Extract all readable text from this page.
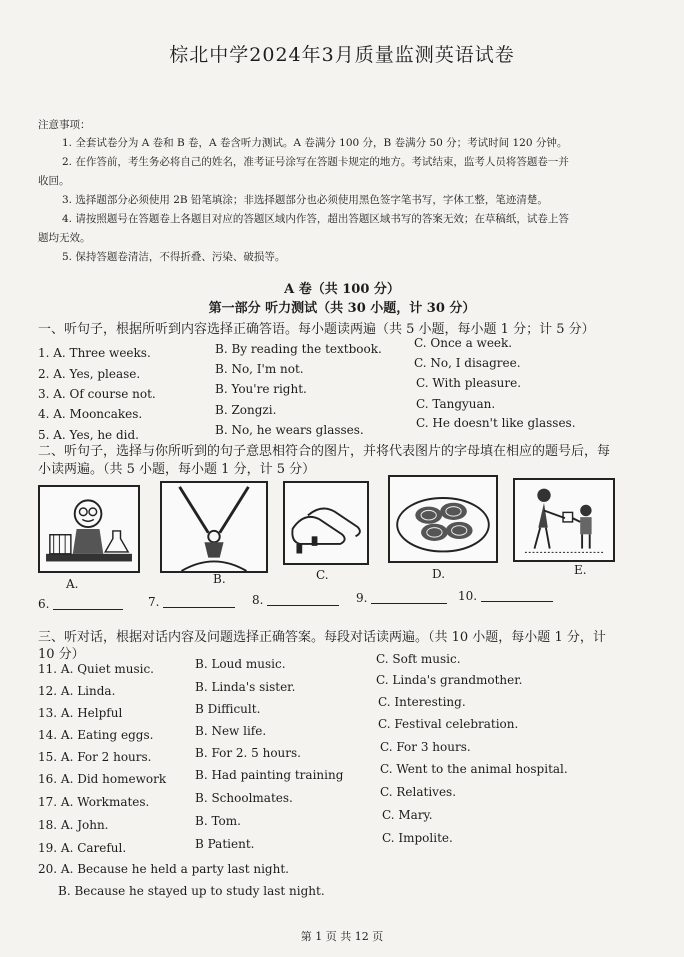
棕北中学2024年3月质量监测英语试卷
注意事项：
1. 全套试卷分为 A 卷和 B 卷，A 卷含听力测试。A 卷满分 100 分，B 卷满分 50 分；考试时间 120 分钟。
2. 在作答前，考生务必将自己的姓名，准考证号涂写在答题卡规定的地方。考试结束，监考人员将答题卷一并
收回。
3. 选择题部分必须使用 2B 铅笔填涂；非选择题部分也必须使用黑色签字笔书写，字体工整，笔迹清楚。
4. 请按照题号在答题卷上各题目对应的答题区域内作答，超出答题区域书写的答案无效；在草稿纸，试卷上答
题均无效。
5. 保持答题卷清洁，不得折叠、污染、破损等。
A 卷（共 100 分）
第一部分 听力测试（共 30 小题，计 30 分）
一、听句子，根据所听到内容选择正确答语。每小题读两遍（共 5 小题，每小题 1 分；计 5 分）
1. A. Three weeks.	B. By reading the textbook.	C. Once a week.
2. A. Yes, please.	B. No, I'm not.	C. No, I disagree.
3. A. Of course not.	B. You're right.	C. With pleasure.
4. A. Mooncakes.	B. Zongzi.	C. Tangyuan.
5. A. Yes, he did.	B. No, he wears glasses.	C. He doesn't like glasses.
二、听句子，选择与你所听到的句子意思相符合的图片，并将代表图片的字母填在相应的题号后，每
小读两遍。（共 5 小题，每小题 1 分，计 5 分）
A.	B.	C.	D.	E.
6.	7.	8.	9.	10.
三、听对话，根据对话内容及问题选择正确答案。每段对话读两遍。（共 10 小题，每小题 1 分，计
10 分）
11. A. Quiet music.	B. Loud music.	C. Soft music.
12. A. Linda.	B. Linda's sister.	C. Linda's grandmother.
13. A. Helpful	B Difficult.	C. Interesting.
14. A. Eating eggs.	B. New life.	C. Festival celebration.
15. A. For 2 hours.	B. For 2. 5 hours.	C. For 3 hours.
16. A. Did homework B. Had painting training	C. Went to the animal hospital.
17. A. Workmates.	B. Schoolmates.	C. Relatives.
18. A. John.	B. Tom.	C. Mary.
19. A. Careful.	B Patient.	C. Impolite.
20. A. Because he held a party last night.
B. Because he stayed up to study last night.
第 1 页 共 12 页
